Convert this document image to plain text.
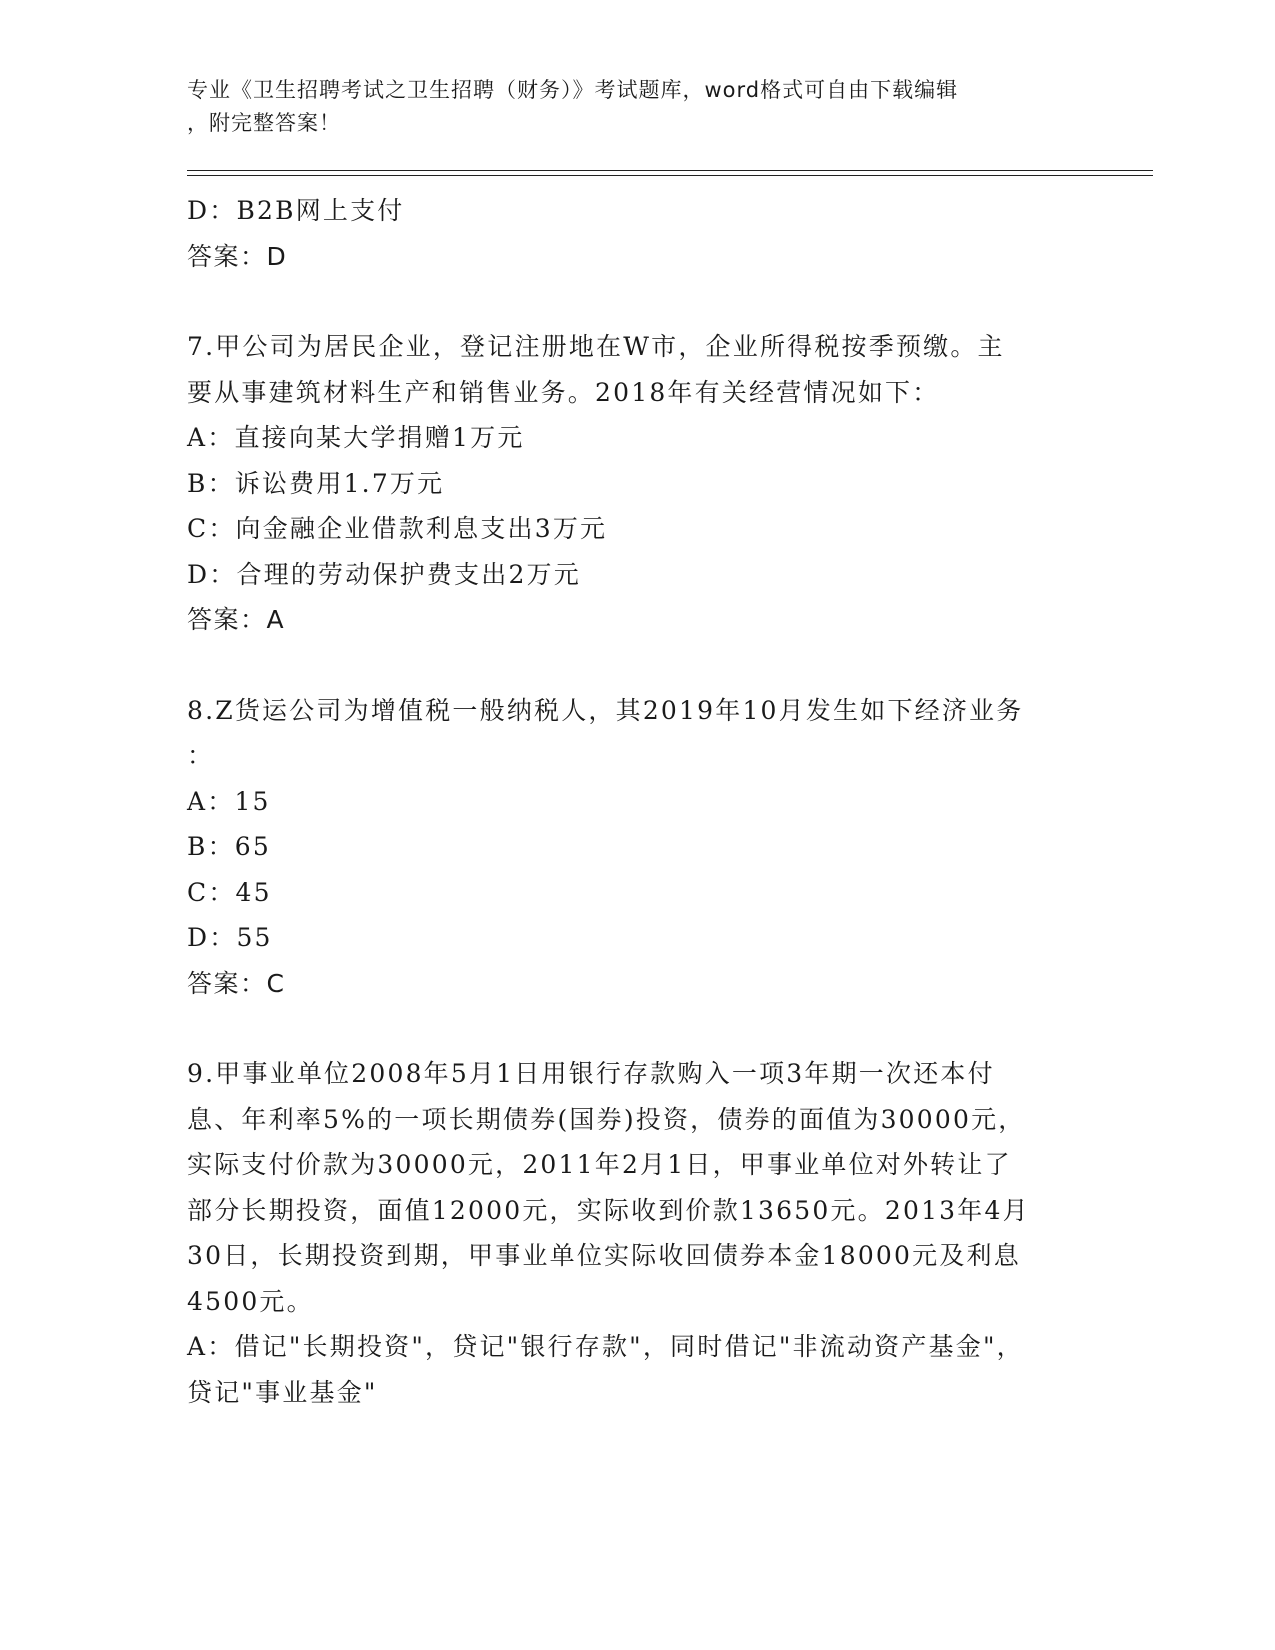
专业《卫生招聘考试之卫生招聘（财务）》考试题库，word格式可自由下载编辑
，附完整答案！
D：B2B网上支付
答案：D
7.甲公司为居民企业，登记注册地在W市，企业所得税按季预缴。主
要从事建筑材料生产和销售业务。2018年有关经营情况如下：
A：直接向某大学捐赠1万元
B：诉讼费用1.7万元
C：向金融企业借款利息支出3万元
D：合理的劳动保护费支出2万元
答案：A
8.Z货运公司为增值税一般纳税人，其2019年10月发生如下经济业务
：
A：15
B：65
C：45
D：55
答案：C
9.甲事业单位2008年5月1日用银行存款购入一项3年期一次还本付
息、年利率5%的一项长期债券(国券)投资，债券的面值为30000元，
实际支付价款为30000元，2011年2月1日，甲事业单位对外转让了
部分长期投资，面值12000元，实际收到价款13650元。2013年4月
30日，长期投资到期，甲事业单位实际收回债券本金18000元及利息
4500元。
A：借记"长期投资"，贷记"银行存款"，同时借记"非流动资产基金"，
贷记"事业基金"
